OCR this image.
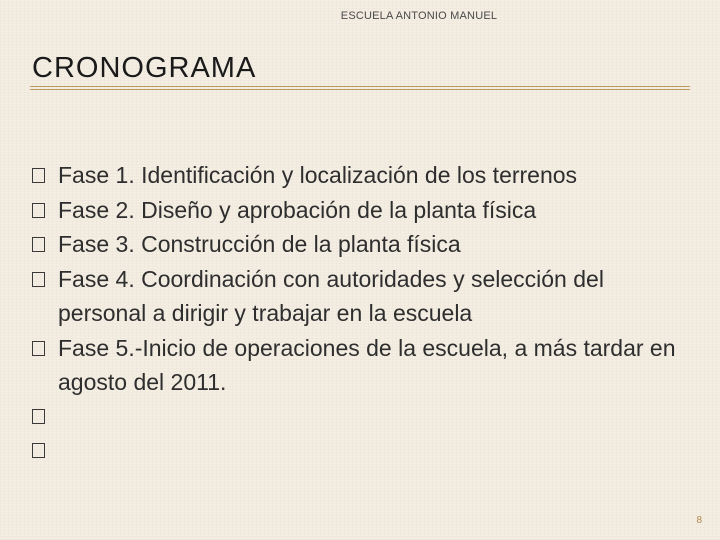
ESCUELA ANTONIO MANUEL
CRONOGRAMA
Fase 1. Identificación y localización de los terrenos
Fase 2. Diseño y aprobación de la planta física
Fase 3. Construcción de la planta física
Fase 4. Coordinación con autoridades y selección del personal a dirigir y trabajar en la escuela
Fase 5.-Inicio de operaciones de la escuela, a más tardar en agosto del 2011.
8
